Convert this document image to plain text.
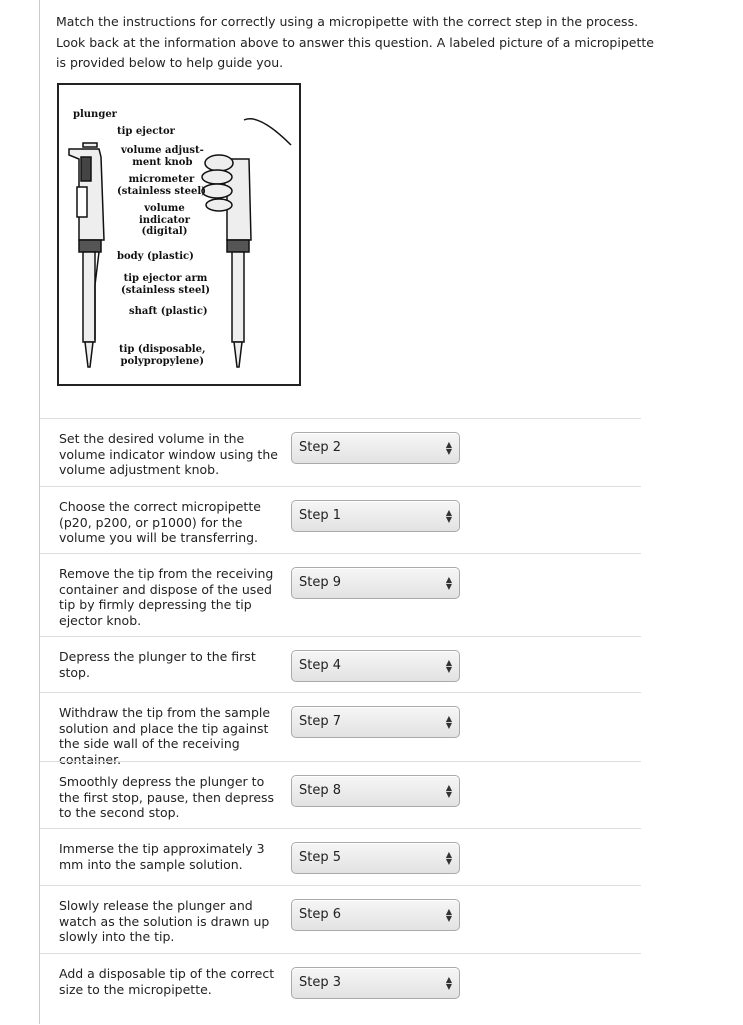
Match the instructions for correctly using a micropipette with the correct step in the process. Look back at the information above to answer this question. A labeled picture of a micropipette is provided below to help guide you.
plunger
tip ejector
volume adjust-
ment knob
micrometer
(stainless steel)
volume
indicator
(digital)
body (plastic)
tip ejector arm
(stainless steel)
shaft (plastic)
tip (disposable,
polypropylene)
Set the desired volume in the volume indicator window using the volume adjustment knob.
Step 2	▲
▼
Choose the correct micropipette (p20, p200, or p1000) for the volume you will be transferring.
Step 1	▲
▼
Remove the tip from the receiving container and dispose of the used tip by firmly depressing the tip ejector knob.
Step 9	▲
▼
Depress the plunger to the first stop.	Step 4	▲
▼
Withdraw the tip from the sample solution and place the tip against the side wall of the receiving container.
Step 7	▲
▼
Smoothly depress the plunger to the first stop, pause, then depress to the second stop.
Step 8	▲
▼
Immerse the tip approximately 3 mm into the sample solution.	Step 5	▲
▼
Slowly release the plunger and watch as the solution is drawn up slowly into the tip.
Step 6	▲
▼
Add a disposable tip of the correct size to the micropipette.	Step 3	▲
▼
